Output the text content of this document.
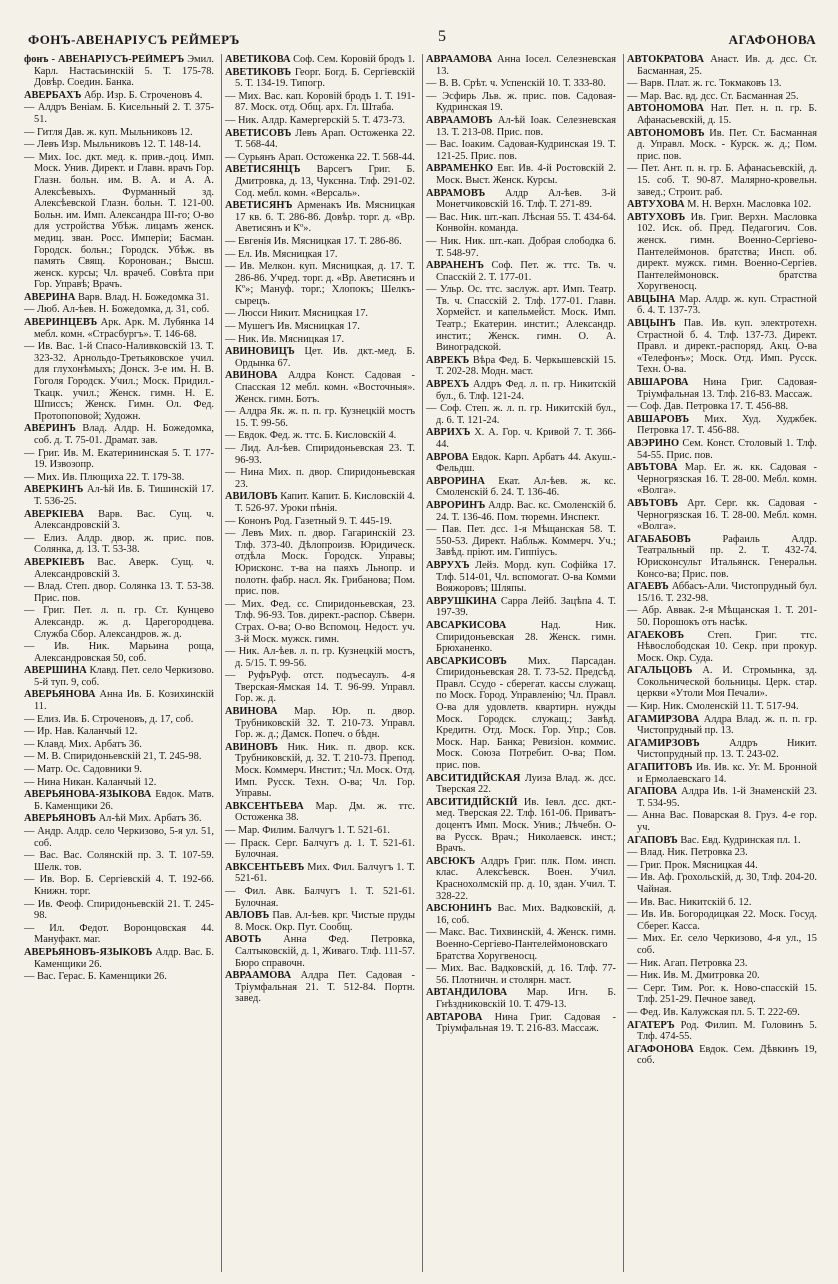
ФОНЪ-АВЕНАРІУСЪ РЕЙМЕРЪ	5	АГАФОНОВА
фонъ - АВЕНАРІУСЪ-РЕЙМЕРЪ Эмил. Карл. Настасьинскій 5. Т. 175-78. Довѣр. Соедин. Банка.
АВЕРБАХЪ Абр. Изр. Б. Строченовъ 4.
— Алдръ Веніам. Б. Кисельный 2. Т. 375-51.
— Гитля Дав. ж. куп. Мыльниковъ 12.
— Левъ Изр. Мыльниковъ 12. Т. 148-14.
— Мих. Іос. дкт. мед. к. прив.-доц. Имп. Моск. Унив. Директ. и Главн. врачъ Гор. Глазн. больн. им. В. А. и А. А. Алексѣевыхъ. Фурманный зд. Алексѣевской Глазн. больн. Т. 121-00. Больн. им. Имп. Александра III-го; О-во для устройства Убѣж. лицамъ женск. медиц. зван. Росс. Имперіи; Басман. Городск. больн.; Городск. Убѣж. въ память Свящ. Коронован.; Высш. женск. курсы; Чл. врачеб. Совѣта при Гор. Управѣ; Врачъ.
АВЕРИНА Варв. Влад. Н. Божедомка 31.
— Люб. Ал-ѣев. Н. Божедомка, д. 31, соб.
АВЕРИНЦЕВЪ Арк. Арк. М. Лубянка 14 мебл. комн. «Страсбургъ». Т. 146-68.
— Ив. Вас. 1-й Спасо-Наливковскій 13. Т. 323-32. Арнольдо-Третьяковское учил. для глухонѣмыхъ; Донск. 3-е им. Н. В. Гоголя Городск. Учил.; Моск. Придил.-Ткацк. учил.; Женск. гимн. Н. Е. Шписсъ; Женск. Гимн. Ол. Фед. Протопоповой; Художн.
АВЕРИНЪ Влад. Алдр. Н. Божедомка, соб. д. Т. 75-01. Драмат. зав.
— Григ. Ив. М. Екатерининская 5. Т. 177-19. Извозопр.
— Мих. Ив. Плющиха 22. Т. 179-38.
АВЕРКИНЪ Ал-ѣй Ив. Б. Тишинскій 17. Т. 536-25.
АВЕРКІЕВА Варв. Вас. Сущ. ч. Александровскій 3.
— Елиз. Алдр. двор. ж. прис. пов. Солянка, д. 13. Т. 53-38.
АВЕРКІЕВЪ Вас. Аверк. Сущ. ч. Александровскій 3.
— Влад. Степ. двор. Солянка 13. Т. 53-38. Прис. пов.
— Григ. Пет. л. п. гр. Ст. Кунцево Александр. ж. д. Царегородцева. Служба Сбор. Александров. ж. д.
— Ив. Ник. Марьина роща, Александровская 50, соб.
АВЕРШИНА Клавд. Пет. село Черкизово. 5-й туп. 9, соб.
АВЕРЬЯНОВА Анна Ив. Б. Козихинскій 11.
— Елиз. Ив. Б. Строченовъ, д. 17, соб.
— Ир. Нав. Каланчый 12.
— Клавд. Мих. Арбатъ 36.
— М. В. Спиридоньевскій 21, Т. 245-98.
— Матр. Ос. Садовники 9.
— Нина Никан. Каланчый 12.
АВЕРЬЯНОВА-ЯЗЫКОВА Евдок. Матв. Б. Каменщики 26.
АВЕРЬЯНОВЪ Ал-ѣй Мих. Арбатъ 36.
— Андр. Алдр. село Черкизово, 5-я ул. 51, соб.
— Вас. Вас. Солянскій пр. 3. Т. 107-59. Шелк. тов.
— Ив. Вор. Б. Сергіевскій 4. Т. 192-66. Книжн. торг.
— Ив. Феоф. Спиридоньевскій 21. Т. 245-98.
— Ил. Федот. Воронцовская 44. Мануфакт. маг.
АВЕРЬЯНОВЪ-ЯЗЫКОВЪ Алдр. Вас. Б. Каменщики 26.
— Вас. Герас. Б. Каменщики 26.
АВЕТИКОВА Соф. Сем. Коровій бродъ 1.
АВЕТИКОВЪ Георг. Богд. Б. Сергіевскій 5. Т. 134-19. Типогр.
— Мих. Вас. кап. Коровій бродъ 1. Т. 191-87. Моск. отд. Общ. арх. Гл. Штаба.
— Ник. Алдр. Камергерскій 5. Т. 473-73.
АВЕТИСОВЪ Левъ Арап. Остоженка 22. Т. 568-44.
— Сурьянъ Арап. Остоженка 22. Т. 568-44.
АВЕТИСЯНЦЪ Варсегъ Григ. Б. Дмитровка, д. 13, Чукснна. Тлф. 291-02. Сод. мебл. комн. «Версаль».
АВЕТИСЯНЪ Арменакъ Ив. Мясницкая 17 кв. 6. Т. 286-86. Довѣр. торг. д. «Вр. Аветисянъ и Кº».
— Евгенія Ив. Мясницкая 17. Т. 286-86.
— Ел. Ив. Мясницкая 17.
— Ив. Мелкон. куп. Мясницкая, д. 17. Т. 286-86. Учред. торг. д. «Вр. Аветисянъ и Кº»; Мануф. торг.; Хлопокъ; Шелкъ-сырецъ.
— Люсси Никит. Мясницкая 17.
— Мушегъ Ив. Мясницкая 17.
— Ник. Ив. Мясницкая 17.
АВИНОВИЦЪ Цет. Ив. дкт.-мед. Б. Ордынка 67.
АВИНОВА Алдра Конст. Садовая - Спасская 12 мебл. комн. «Восточныя». Женск. гимн. Ботъ.
— Алдра Як. ж. п. п. гр. Кузнецкій мостъ 15. Т. 99-56.
— Евдок. Фед. ж. ттс. Б. Кисловскій 4.
— Лид. Ал-ѣев. Спиридоньевская 23. Т. 96-93.
— Нина Мих. п. двор. Спиридоньевская 23.
АВИЛОВЪ Капит. Капит. Б. Кисловскій 4. Т. 526-97. Уроки пѣнія.
— Кононъ Род. Газетный 9. Т. 445-19.
— Левъ Мих. п. двор. Гагаринскій 23. Тлф. 373-40. Дѣлопроизв. Юридическ. отдѣла Моск. Городск. Управы; Юрисконс. т-ва на паяхъ Льнопр. и полотн. фабр. насл. Як. Грибанова; Пом. прис. пов.
— Мих. Фед. сс. Спиридоньевская, 23. Тлф. 96-93. Тов. директ.-распор. Сѣверн. Страх. О-ва; О-во Вспомоц. Недост. уч. 3-й Моск. мужск. гимн.
— Ник. Ал-ѣев. л. п. гр. Кузнецкій мостъ, д. 5/15. Т. 99-56.
— РуфъРуф. отст. подъесаулъ. 4-я Тверская-Ямская 14. Т. 96-99. Управл. Гор. ж. д.
АВИНОВА Мар. Юр. п. двор. Трубниковскій 32. Т. 210-73. Управл. Гор. ж. д.; Дамск. Попеч. о бѣдн.
АВИНОВЪ Ник. Ник. п. двор. кск. Трубниковскій, д. 32. Т. 210-73. Препод. Моск. Коммерч. Инстит.; Чл. Моск. Отд. Имп. Русск. Техн. О-ва; Чл. Гор. Управы.
АВКСЕНТЬЕВА Мар. Дм. ж. ттс. Остоженка 38.
— Мар. Филим. Балчугъ 1. Т. 521-61.
— Праск. Серг. Балчугъ д. 1. Т. 521-61. Булочная.
АВКСЕНТЬЕВЪ Мих. Фил. Балчугъ 1. Т. 521-61.
— Фил. Авк. Балчугъ 1. Т. 521-61. Булочная.
АВЛОВЪ Пав. Ал-ѣев. крг. Чистые пруды 8. Моск. Окр. Пут. Сообщ.
АВОТЬ Анна Фед. Петровка, Салтыковскій, д. 1, Живаго. Тлф. 111-57. Бюро справочн.
АВРААМОВА Алдра Пет. Садовая - Тріумфальная 21. Т. 512-84. Портн. завед.
АВРААМОВА Анна Іосел. Селезневская 13.
— В. В. Срѣт. ч. Успенскій 10. Т. 333-80.
— Эсфирь Льв. ж. прис. пов. Садовая-Кудринская 19.
АВРААМОВЪ Ал-ѣй Іоак. Селезневская 13. Т. 213-08. Прис. пов.
— Вас. Іоаким. Садовая-Кудринская 19. Т. 121-25. Прис. пов.
АВРАМЕНКО Евг. Ив. 4-й Ростовскій 2. Моск. Выст. Женск. Курсы.
АВРАМОВЪ Алдр Ал-ѣев. 3-й Монетчиковскій 16. Тлф. Т. 271-89.
— Вас. Ник. шт.-кап. Лѣсная 55. Т. 434-64. Конвойн. команда.
— Ник. Ник. шт.-кап. Добрая слободка 6. Т. 548-97.
АВРАНЕНЪ Соф. Пет. ж. ттс. Тв. ч. Спасскій 2. Т. 177-01.
— Ульр. Ос. ттс. заслуж. арт. Имп. Театр. Тв. ч. Спасскій 2. Тлф. 177-01. Главн. Хормейст. и капельмейст. Моск. Имп. Театр.; Екатерин. инстит.; Александр. инстит.; Женск. гимн. О. А. Виноградской.
АВРЕКЪ Вѣра Фед. Б. Черкышевскій 15. Т. 202-28. Модн. маст.
АВРЕХЪ Алдръ Фед. л. п. гр. Никитскій бул., 6. Тлф. 121-24.
— Соф. Степ. ж. л. п. гр. Никитскій бул., д. 6. Т. 121-24.
АВРИХЪ Х. А. Гор. ч. Кривой 7. Т. 366-44.
АВРОВА Евдок. Карп. Арбатъ 44. Акуш.-Фельдш.
АВРОРИНА Екат. Ал-ѣев. ж. кс. Смоленскій б. 24. Т. 136-46.
АВРОРИНЪ Алдр. Вас. кс. Смоленскій б. 24. Т. 136-46. Пом. тюремн. Инспект.
— Пав. Пет. дсс. 1-я Мѣщанская 58. Т. 550-53. Директ. Набльж. Коммерч. Уч.; Завѣд. пріют. им. Гиппіусъ.
АВРУХЪ Лейз. Морд. куп. Софійка 17. Тлф. 514-01, Чл. вспомогат. О-ва Комми Вояжоровъ; Шляпы.
АВРУШКИНА Сарра Лейб. Зацѣпа 4. Т. 197-39.
АВСАРКИСОВА Над. Ник. Спиридоньевская 28. Женск. гимн. Брюханенко.
АВСАРКИСОВЪ Мих. Парсадан. Спиридоньевская 28. Т. 73-52. Предсѣд. Правл. Ссудо - сберегат. кассы служащ. по Моск. Город. Управленію; Чл. Правл. О-ва для удовлетв. квартирн. нужды Моск. Городск. служащ.; Завѣд. Кредитн. Отд. Моск. Гор. Упр.; Сов. Моск. Нар. Банка; Ревизіон. коммис. Моск. Союза Потребит. О-ва; Пом. прис. пов.
АВСИТИДІЙСКАЯ Луиза Влад. ж. дсс. Тверская 22.
АВСИТИДІЙСКІЙ Ив. Іевл. дсс. дкт.-мед. Тверская 22. Тлф. 161-06. Приватъ-доцентъ Имп. Моск. Унив.; Лѣчебн. О-ва Русск. Врач.; Николаевск. инст.; Врачъ.
АВСЮКЪ Алдръ Григ. плк. Пом. инсп. клас. Алексѣевск. Воен. Учил. Краснохолмскій пр. д. 10, здан. Учил. Т. 328-22.
АВСЮНИНЪ Вас. Мих. Вадковскій, д. 16, соб.
— Макс. Вас. Тихвинскій, 4. Женск. гимн. Военно-Сергіево-Пантелеймоновскаго Братства Хоругвеносц.
— Мих. Вас. Вадковскій, д. 16. Тлф. 77-56. Плотничн. и столярн. маст.
АВТАНДИЛОВА Мар. Игн. Б. Гнѣздниковскій 10. Т. 479-13.
АВТАРОВА Нина Григ. Садовая - Тріумфальная 19. Т. 216-83. Массаж.
АВТОКРАТОВА Анаст. Ив. д. дсс. Ст. Басманная, 25.
— Варв. Плат. ж. гс. Токмаковъ 13.
— Мар. Вас. вд. дсс. Ст. Басманная 25.
АВТОНОМОВА Нат. Пет. н. п. гр. Б. Афанасьевскій, д. 15.
АВТОНОМОВЪ Ив. Пет. Ст. Басманная д. Управл. Моск. - Курск. ж. д.; Пом. прис. пов.
— Пет. Ант. п. н. гр. Б. Афанасьевскій, д. 15. соб. Т. 90-87. Малярно-кровельн. завед.; Строит. раб.
АВТУХОВА М. Н. Верхн. Масловка 102.
АВТУХОВЪ Ив. Григ. Верхн. Масловка 102. Иск. об. Пред. Педагогич. Сов. женск. гимн. Военно-Сергіево-Пантелеймонов. братства; Инсп. об. директ. мужск. гимн. Военно-Сергіев. Пантелеймоновск. братства Хоругвеносц.
АВЦЫНА Мар. Алдр. ж. куп. Страстной б. 4. Т. 137-73.
АВЦЫНЪ Пав. Ив. куп. электротехн. Страстной б. 4. Тлф. 137-73. Директ. Правл. и директ.-распоряд. Акц. О-ва «Телефонъ»; Моск. Отд. Имп. Русск. Техн. О-ва.
АВШАРОВА Нина Григ. Садовая-Тріумфальная 13. Тлф. 216-83. Массаж.
— Соф. Дав. Петровка 17. Т. 456-88.
АВШАРОВЪ Мих. Худ. Худжбек. Петровка 17. Т. 456-88.
АВЭРИНО Сем. Конст. Столовый 1. Тлф. 54-55. Прис. пов.
АВЪТОВА Мар. Ег. ж. кк. Садовая - Черногрязская 16. Т. 28-00. Мебл. комн. «Волга».
АВЪТОВЪ Арт. Серг. кк. Садовая - Черногрязская 16. Т. 28-00. Мебл. комн. «Волга».
АГАБАБОВЪ Рафаиль Алдр. Театральный пр. 2. Т. 432-74. Юрисконсульт Итальянск. Генеральн. Консо-ва; Прис. пов.
АГАЕВЪ Аббасъ-Али. Чистопрудный бул. 15/16. Т. 232-98.
— Абр. Аввак. 2-я Мѣщанская 1. Т. 201-50. Порошокъ отъ насѣк.
АГАЕКОВЪ Степ. Григ. ттс. Нѣвослободская 10. Секр. при прокур. Моск. Окр. Суда.
АГАЛЬЦОВЪ А. И. Стромынка, зд. Сокольнической больницы. Церк. стар. церкви «Утоли Моя Печали».
— Кир. Ник. Смоленскій 11. Т. 517-94.
АГАМИРЗОВА Алдра Влад. ж. п. п. гр. Чистопрудный пр. 13.
АГАМИРЗОВЪ Алдръ Никит. Чистопрудный пр. 13. Т. 243-02.
АГАПИТОВЪ Ив. Ив. кс. Уг. М. Бронной и Ермолаевскаго 14.
АГАПОВА Алдра Ив. 1-й Знаменскій 23. Т. 534-95.
— Анна Вас. Поварская 8. Груз. 4-е гор. уч.
АГАПОВЪ Вас. Евд. Кудринская пл. 1.
— Влад. Ник. Петровка 23.
— Григ. Прок. Мясницкая 44.
— Ив. Аф. Грохольскій, д. 30, Тлф. 204-20. Чайная.
— Ив. Вас. Никитскій б. 12.
— Ив. Ив. Богородицкая 22. Моск. Госуд. Сберег. Касса.
— Мих. Ег. село Черкизово, 4-я ул., 15 соб.
— Ник. Агап. Петровка 23.
— Ник. Ив. М. Дмитровка 20.
— Серг. Тим. Рог. к. Ново-спасскій 15. Тлф. 251-29. Печное завед.
— Фед. Ив. Калужская пл. 5. Т. 222-69.
АГАТЕРЪ Род. Филип. М. Головинъ 5. Тлф. 474-55.
АГАФОНОВА Евдок. Сем. Дѣвкинъ 19, соб.
